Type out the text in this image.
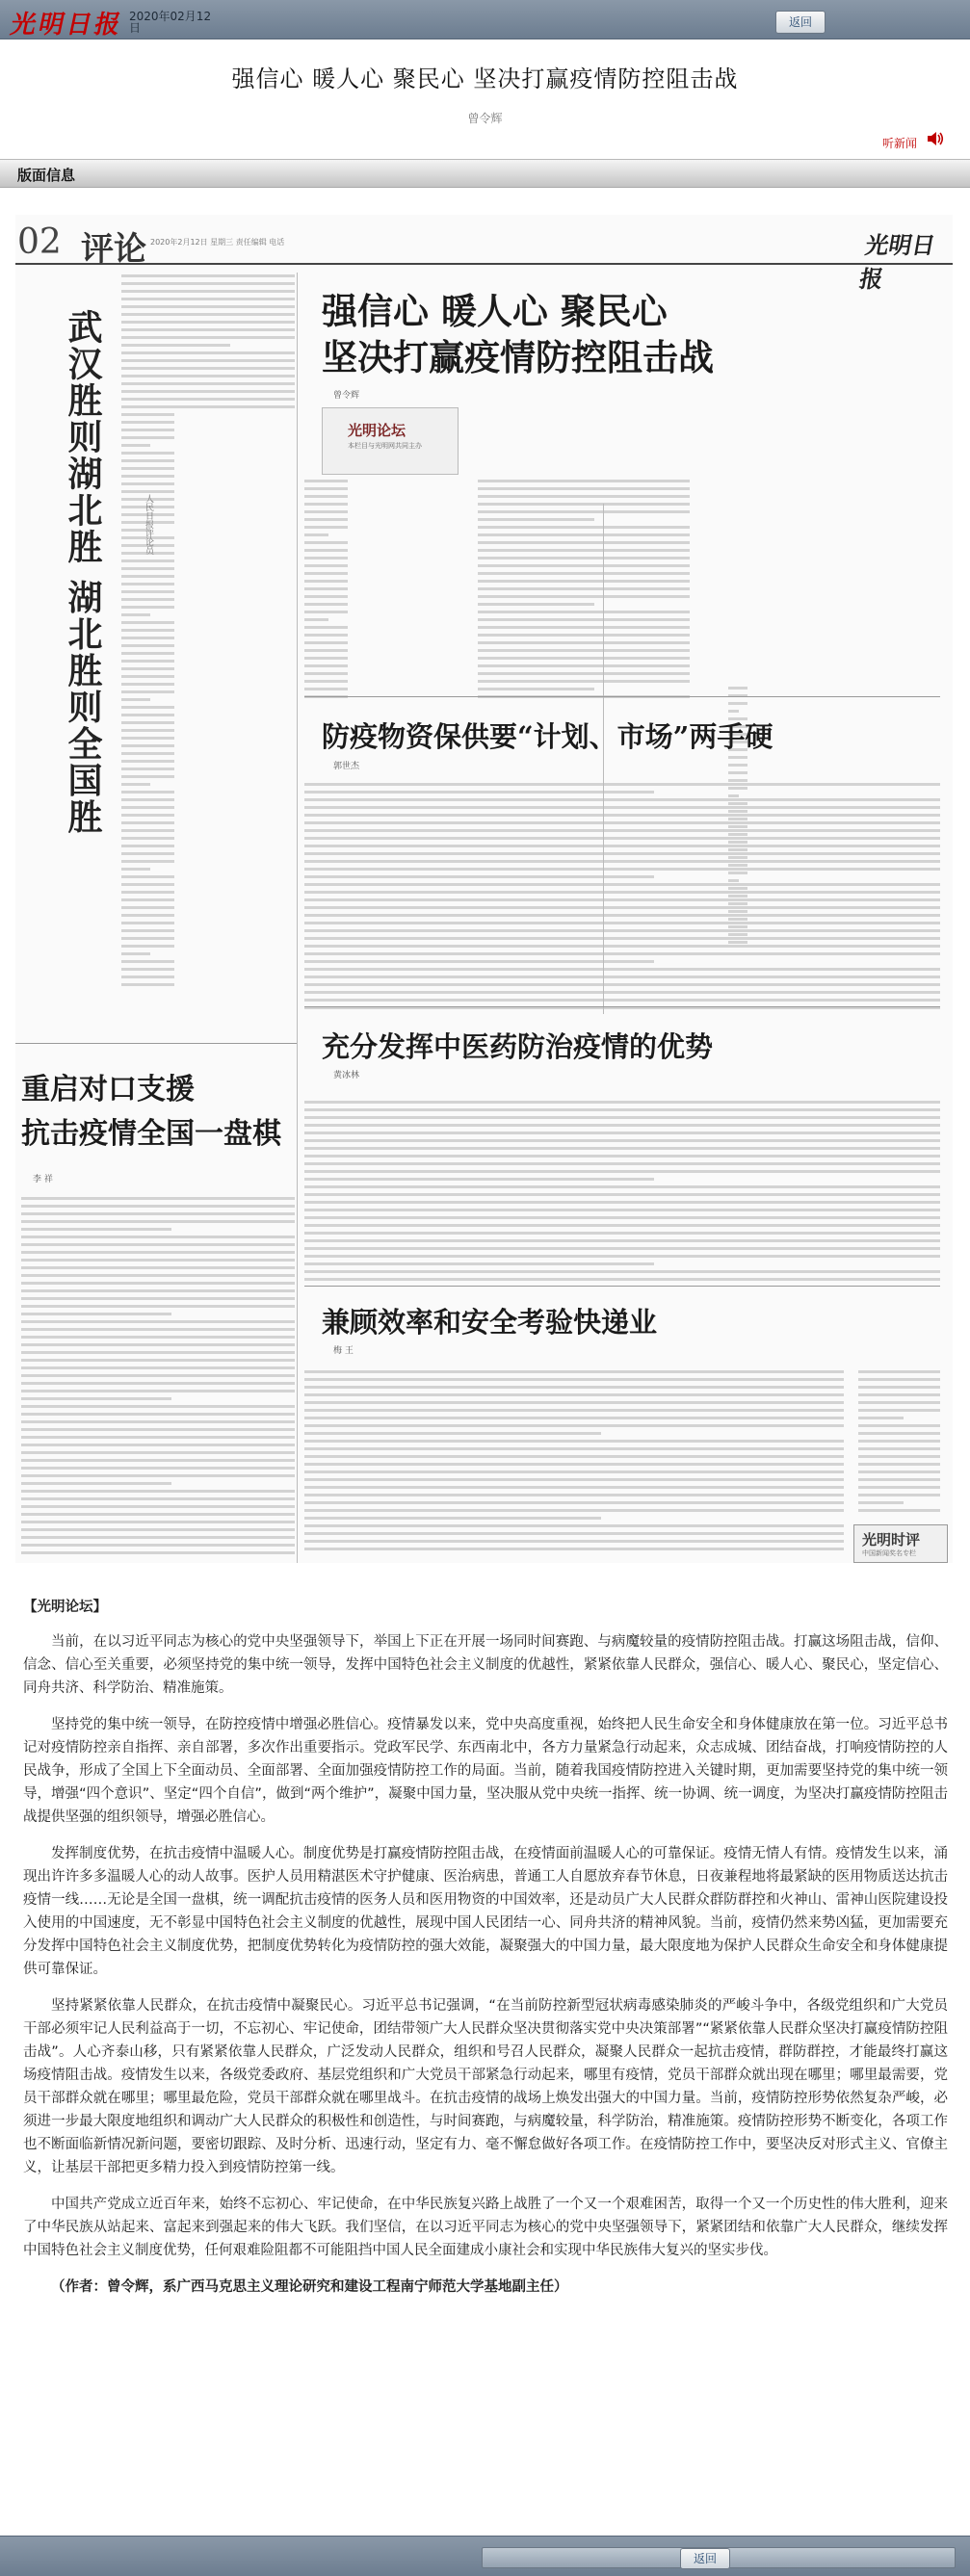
光明日报 2020年02月12日	返回
强信心 暖人心 聚民心 坚决打赢疫情防控阻击战
曾令辉
听新闻
版面信息
02 评论 2020年2月12日 星期三 责任编辑 电话	光明日报
武汉胜则湖北胜 湖北胜则全国胜	人民日报评论员
强信心 暖人心 聚民心
坚决打赢疫情防控阻击战
曾令辉
光明论坛
本栏目与光明网共同主办
防疫物资保供要“计划、市场”两手硬
郭世杰
充分发挥中医药防治疫情的优势
黄冰林
兼顾效率和安全考验快递业
梅 王
重启对口支援
抗击疫情全国一盘棋
李 祥
光明时评
中国新闻奖名专栏
【光明论坛】

当前，在以习近平同志为核心的党中央坚强领导下，举国上下正在开展一场同时间赛跑、与病魔较量的疫情防控阻击战。打赢这场阻击战，信仰、信念、信心至关重要，必须坚持党的集中统一领导，发挥中国特色社会主义制度的优越性，紧紧依靠人民群众，强信心、暖人心、聚民心，坚定信心、同舟共济、科学防治、精准施策。

坚持党的集中统一领导，在防控疫情中增强必胜信心。疫情暴发以来，党中央高度重视，始终把人民生命安全和身体健康放在第一位。习近平总书记对疫情防控亲自指挥、亲自部署，多次作出重要指示。党政军民学、东西南北中，各方力量紧急行动起来，众志成城、团结奋战，打响疫情防控的人民战争，形成了全国上下全面动员、全面部署、全面加强疫情防控工作的局面。当前，随着我国疫情防控进入关键时期，更加需要坚持党的集中统一领导，增强“四个意识”、坚定“四个自信”，做到“两个维护”，凝聚中国力量，坚决服从党中央统一指挥、统一协调、统一调度，为坚决打赢疫情防控阻击战提供坚强的组织领导，增强必胜信心。

发挥制度优势，在抗击疫情中温暖人心。制度优势是打赢疫情防控阻击战，在疫情面前温暖人心的可靠保证。疫情无情人有情。疫情发生以来，涌现出许许多多温暖人心的动人故事。医护人员用精湛医术守护健康、医治病患，普通工人自愿放弃春节休息，日夜兼程地将最紧缺的医用物质送达抗击疫情一线……无论是全国一盘棋，统一调配抗击疫情的医务人员和医用物资的中国效率，还是动员广大人民群众群防群控和火神山、雷神山医院建设投入使用的中国速度，无不彰显中国特色社会主义制度的优越性，展现中国人民团结一心、同舟共济的精神风貌。当前，疫情仍然来势凶猛，更加需要充分发挥中国特色社会主义制度优势，把制度优势转化为疫情防控的强大效能，凝聚强大的中国力量，最大限度地为保护人民群众生命安全和身体健康提供可靠保证。

坚持紧紧依靠人民群众，在抗击疫情中凝聚民心。习近平总书记强调，“在当前防控新型冠状病毒感染肺炎的严峻斗争中，各级党组织和广大党员干部必须牢记人民利益高于一切，不忘初心、牢记使命，团结带领广大人民群众坚决贯彻落实党中央决策部署”“紧紧依靠人民群众坚决打赢疫情防控阻击战”。人心齐泰山移，只有紧紧依靠人民群众，广泛发动人民群众，组织和号召人民群众，凝聚人民群众一起抗击疫情，群防群控，才能最终打赢这场疫情阻击战。疫情发生以来，各级党委政府、基层党组织和广大党员干部紧急行动起来，哪里有疫情，党员干部群众就出现在哪里；哪里最需要，党员干部群众就在哪里；哪里最危险，党员干部群众就在哪里战斗。在抗击疫情的战场上焕发出强大的中国力量。当前，疫情防控形势依然复杂严峻，必须进一步最大限度地组织和调动广大人民群众的积极性和创造性，与时间赛跑，与病魔较量，科学防治，精准施策。疫情防控形势不断变化，各项工作也不断面临新情况新问题，要密切跟踪、及时分析、迅速行动，坚定有力、毫不懈怠做好各项工作。在疫情防控工作中，要坚决反对形式主义、官僚主义，让基层干部把更多精力投入到疫情防控第一线。

中国共产党成立近百年来，始终不忘初心、牢记使命，在中华民族复兴路上战胜了一个又一个艰难困苦，取得一个又一个历史性的伟大胜利，迎来了中华民族从站起来、富起来到强起来的伟大飞跃。我们坚信，在以习近平同志为核心的党中央坚强领导下，紧紧团结和依靠广大人民群众，继续发挥中国特色社会主义制度优势，任何艰难险阻都不可能阻挡中国人民全面建成小康社会和实现中华民族伟大复兴的坚实步伐。

（作者：曾令辉，系广西马克思主义理论研究和建设工程南宁师范大学基地副主任）

返回
